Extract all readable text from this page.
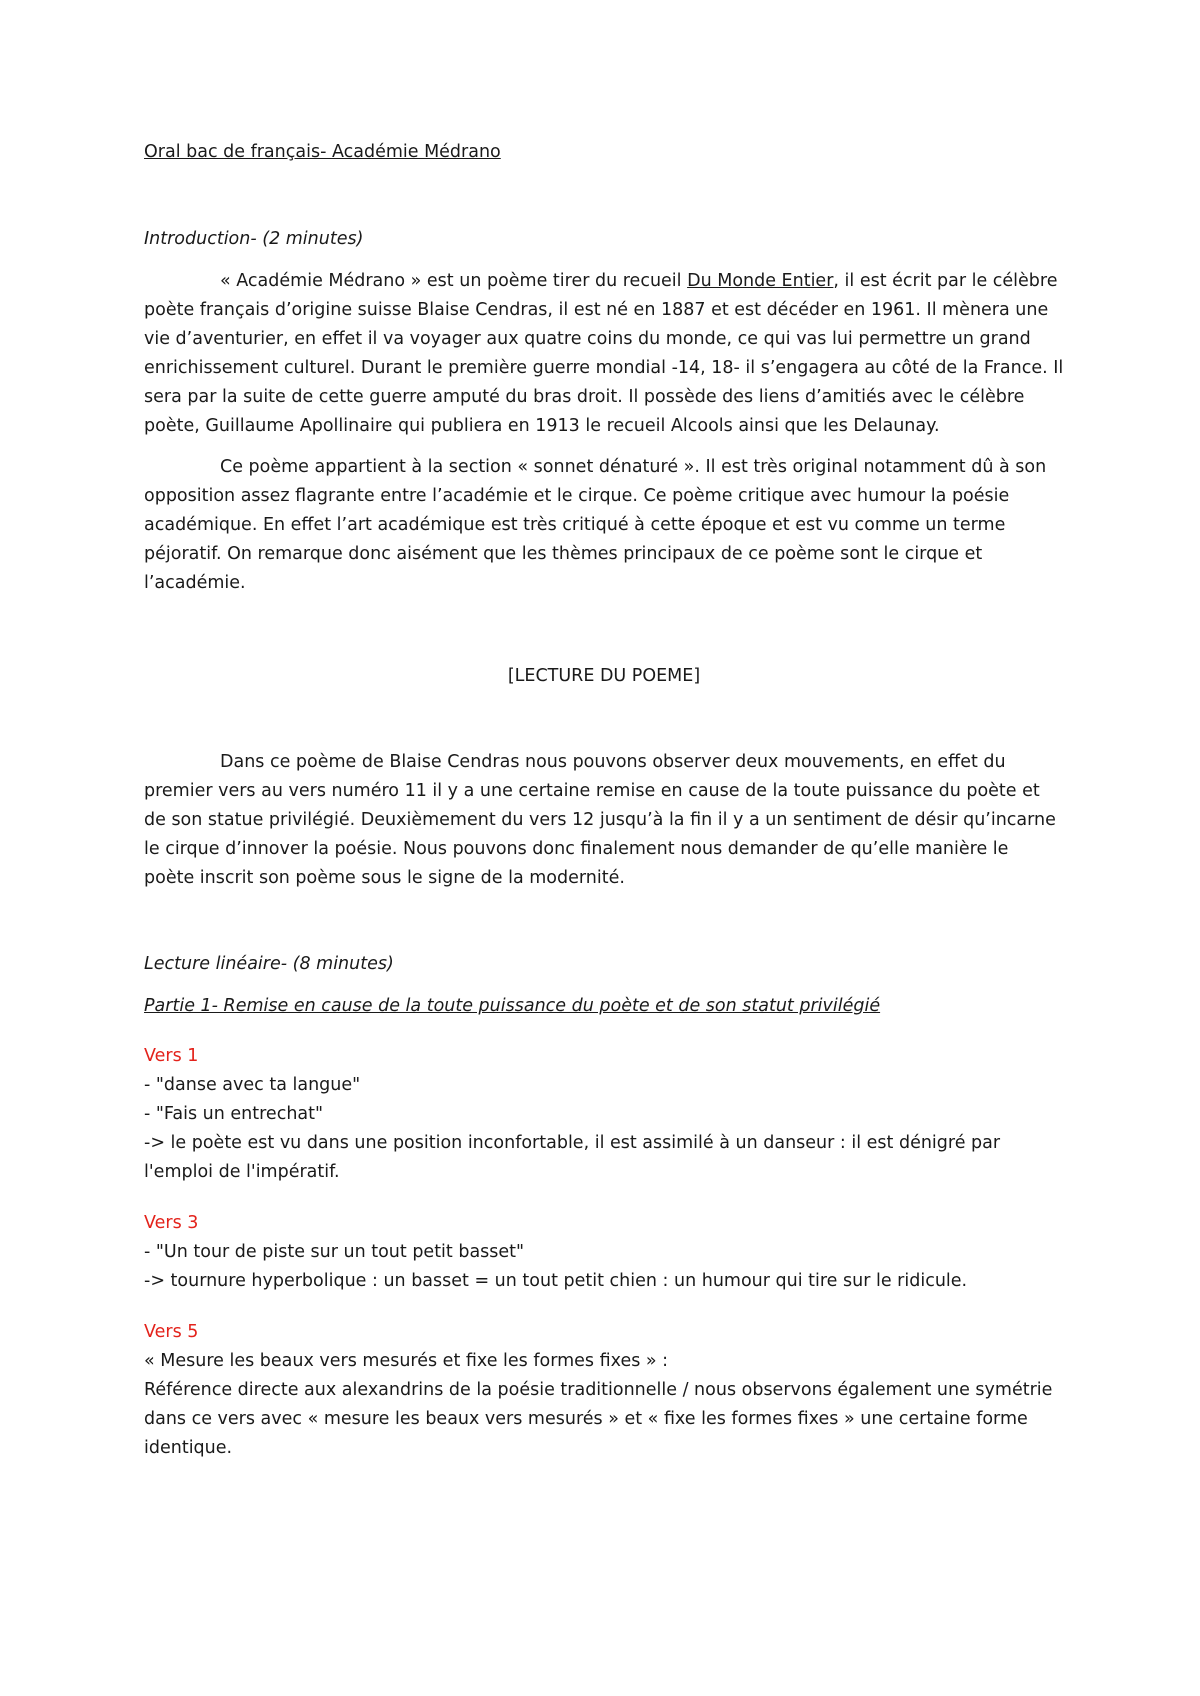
Oral bac de français- Académie Médrano

Introduction- (2 minutes)

« Académie Médrano » est un poème tirer du recueil Du Monde Entier, il est écrit par le célèbre poète français d’origine suisse Blaise Cendras, il est né en 1887 et est décéder en 1961. Il mènera une vie d’aventurier, en effet il va voyager aux quatre coins du monde, ce qui vas lui permettre un grand enrichissement culturel. Durant le première guerre mondial -14, 18- il s’engagera au côté de la France. Il sera par la suite de cette guerre amputé du bras droit. Il possède des liens d’amitiés avec le célèbre poète, Guillaume Apollinaire qui publiera en 1913 le recueil Alcools ainsi que les Delaunay.

Ce poème appartient à la section « sonnet dénaturé ». Il est très original notamment dû à son opposition assez flagrante entre l’académie et le cirque. Ce poème critique avec humour la poésie académique. En effet l’art académique est très critiqué à cette époque et est vu comme un terme péjoratif. On remarque donc aisément que les thèmes principaux de ce poème sont le cirque et l’académie.

[LECTURE DU POEME]

Dans ce poème de Blaise Cendras nous pouvons observer deux mouvements, en effet du premier vers au vers numéro 11 il y a une certaine remise en cause de la toute puissance du poète et de son statue privilégié. Deuxièmement du vers 12 jusqu’à la fin il y a un sentiment de désir qu’incarne le cirque d’innover la poésie. Nous pouvons donc finalement nous demander de qu’elle manière le poète inscrit son poème sous le signe de la modernité.

Lecture linéaire- (8 minutes)

Partie 1- Remise en cause de la toute puissance du poète et de son statut privilégié

Vers 1
- "danse avec ta langue"
- "Fais un entrechat"
-> le poète est vu dans une position inconfortable, il est assimilé à un danseur : il est dénigré par l'emploi de l'impératif.
Vers 3
- "Un tour de piste sur un tout petit basset"
-> tournure hyperbolique : un basset = un tout petit chien : un humour qui tire sur le ridicule.
Vers 5
« Mesure les beaux vers mesurés et fixe les formes fixes » :
Référence directe aux alexandrins de la poésie traditionnelle / nous observons également une symétrie dans ce vers avec « mesure les beaux vers mesurés » et « fixe les formes fixes » une certaine forme identique.
